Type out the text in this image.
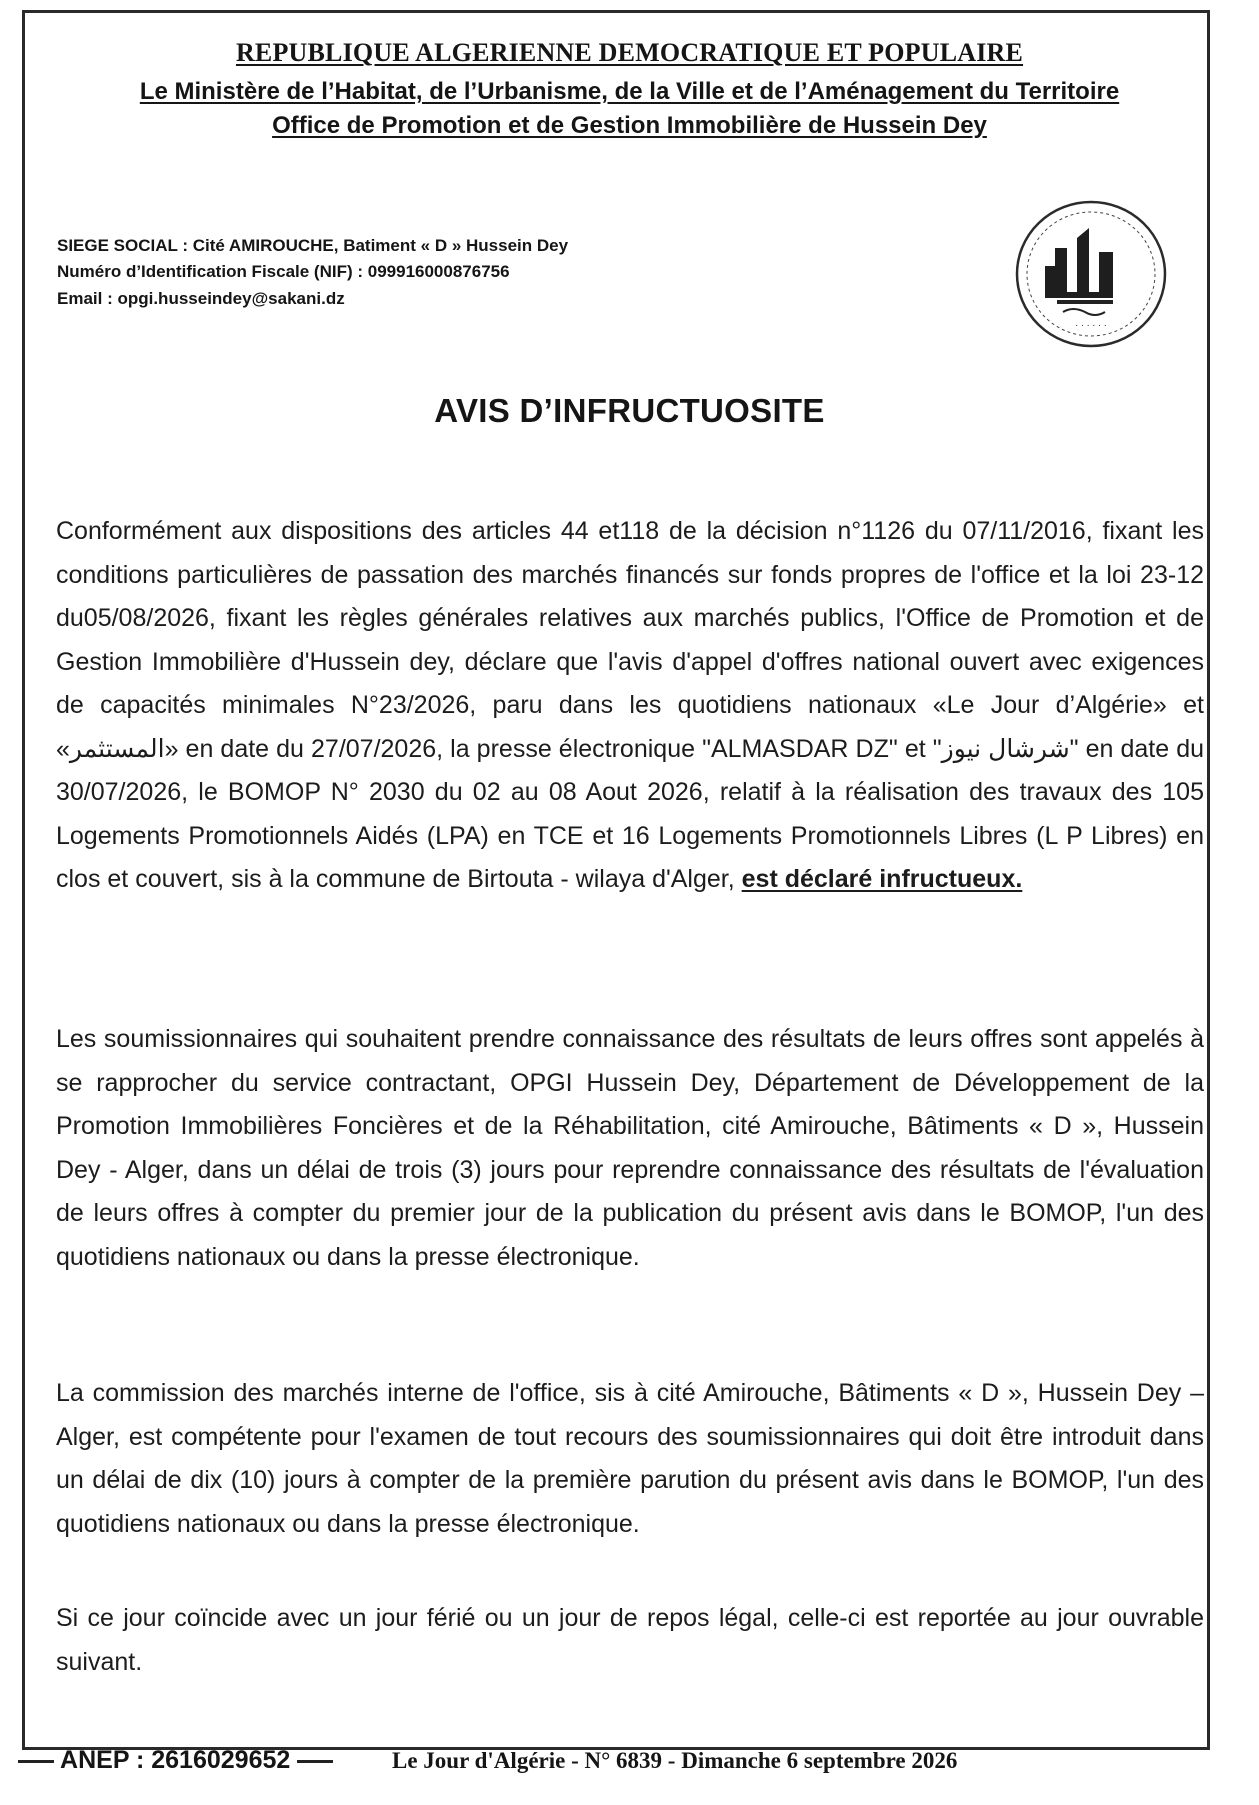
REPUBLIQUE ALGERIENNE DEMOCRATIQUE ET POPULAIRE
Le Ministère de l’Habitat, de l’Urbanisme, de la Ville et de l’Aménagement du Territoire
Office de Promotion et de Gestion Immobilière de Hussein Dey
SIEGE SOCIAL : Cité AMIROUCHE, Batiment « D » Hussein Dey
Numéro d’Identification Fiscale (NIF) : 099916000876756
Email : opgi.husseindey@sakani.dz
. . . . . .
AVIS D’INFRUCTUOSITE
Conformément aux dispositions des articles 44 et118 de la décision n°1126 du 07/11/2016, fixant les conditions particulières de passation des marchés financés sur fonds propres de l'office et la loi 23-12 du05/08/2026, fixant les règles générales relatives aux marchés publics, l'Office de Promotion et de Gestion Immobilière d'Hussein dey, déclare que l'avis d'appel d'offres national ouvert avec exigences de capacités minimales N°23/2026, paru dans les quotidiens nationaux «Le Jour d’Algérie» et «المستثمر» en date du 27/07/2026, la presse électronique "ALMASDAR DZ" et "شرشال نيوز" en date du 30/07/2026, le BOMOP N° 2030 du 02 au 08 Aout 2026, relatif à la réalisation des travaux des 105 Logements Promotionnels Aidés (LPA) en TCE et 16 Logements Promotionnels Libres (L P Libres) en clos et couvert, sis à la commune de Birtouta - wilaya d'Alger, est déclaré infructueux.
Les soumissionnaires qui souhaitent prendre connaissance des résultats de leurs offres sont appelés à se rapprocher du service contractant, OPGI Hussein Dey, Département de Développement de la Promotion Immobilières Foncières et de la Réhabilitation, cité Amirouche, Bâtiments « D », Hussein Dey - Alger, dans un délai de trois (3) jours pour reprendre connaissance des résultats de l'évaluation de leurs offres à compter du premier jour de la publication du présent avis dans le BOMOP, l'un des quotidiens nationaux ou dans la presse électronique.
La commission des marchés interne de l'office, sis à cité Amirouche, Bâtiments « D », Hussein Dey – Alger, est compétente pour l'examen de tout recours des soumissionnaires qui doit être introduit dans un délai de dix (10) jours à compter de la première parution du présent avis dans le BOMOP, l'un des quotidiens nationaux ou dans la presse électronique.
Si ce jour coïncide avec un jour férié ou un jour de repos légal, celle-ci est reportée au jour ouvrable suivant.
ANEP : 2616029652	Le Jour d'Algérie - N° 6839 - Dimanche 6 septembre 2026
